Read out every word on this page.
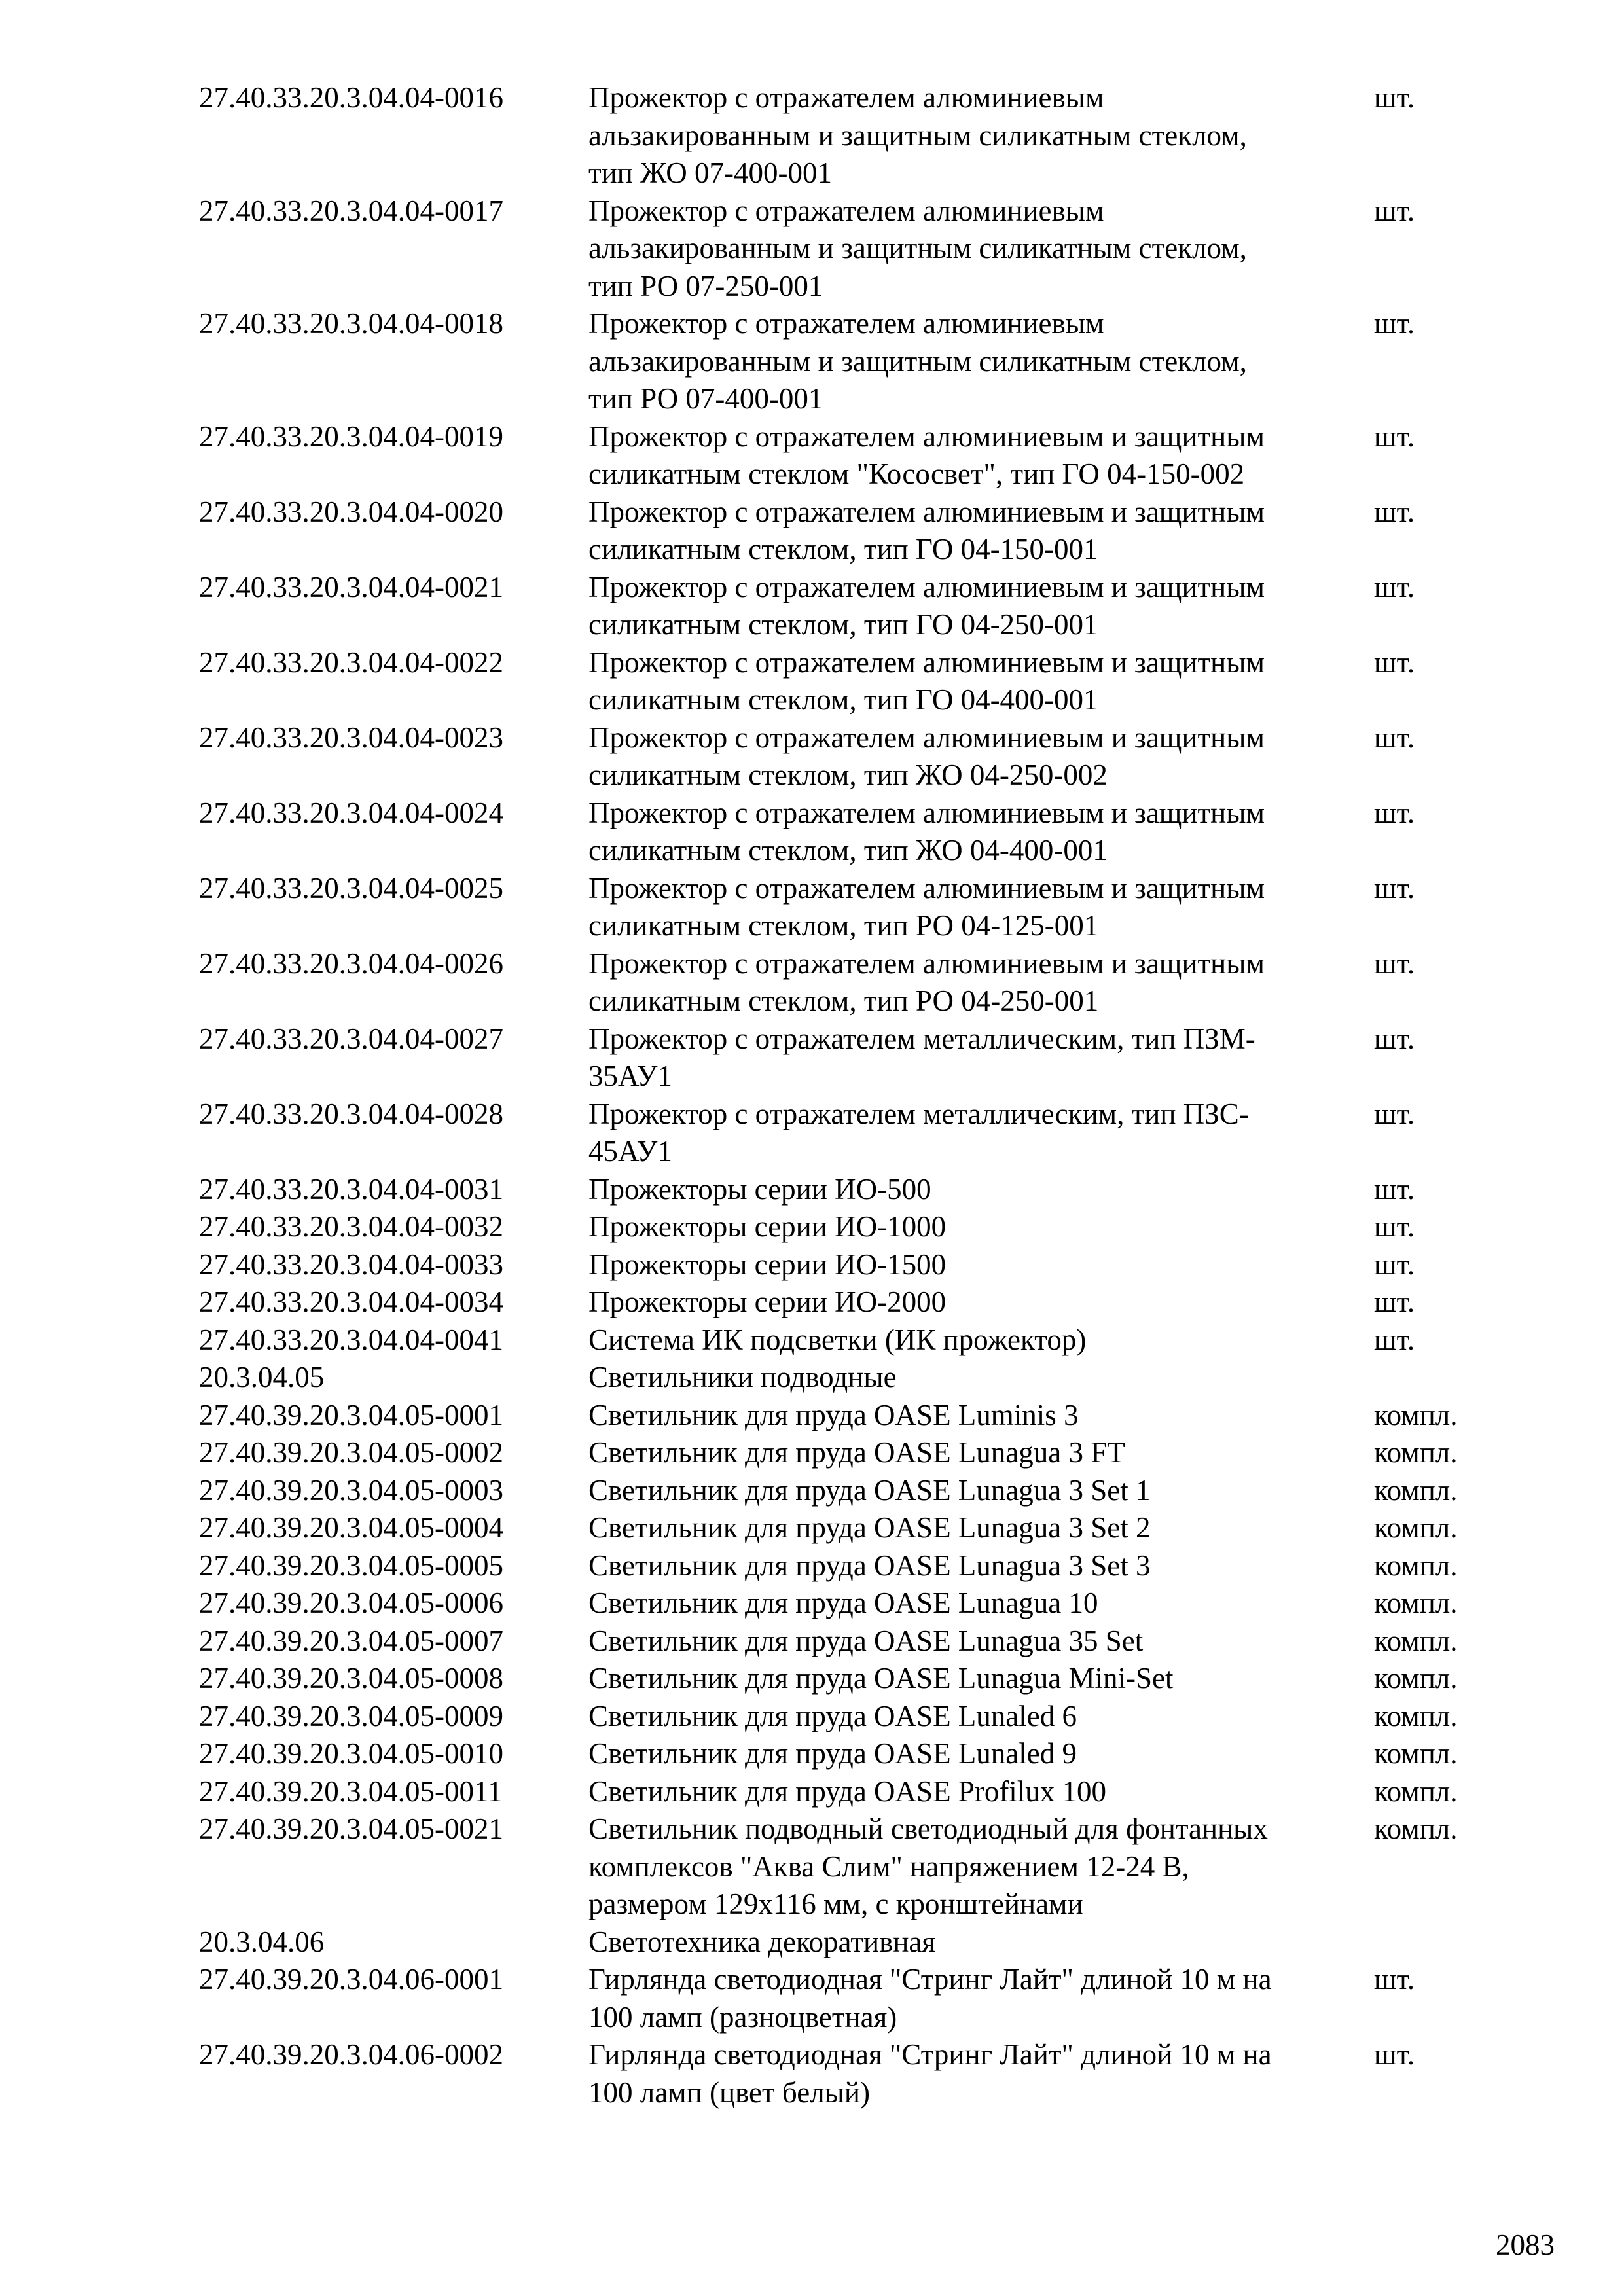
27.40.33.20.3.04.04-0016	Прожектор с отражателем алюминиевым
альзакированным и защитным силикатным стеклом,
тип ЖО 07-400-001
шт.
27.40.33.20.3.04.04-0017	Прожектор с отражателем алюминиевым
альзакированным и защитным силикатным стеклом,
тип РО 07-250-001
шт.
27.40.33.20.3.04.04-0018	Прожектор с отражателем алюминиевым
альзакированным и защитным силикатным стеклом,
тип РО 07-400-001
шт.
27.40.33.20.3.04.04-0019	Прожектор с отражателем алюминиевым и защитным
силикатным стеклом "Кососвет", тип ГО 04-150-002
шт.
27.40.33.20.3.04.04-0020	Прожектор с отражателем алюминиевым и защитным
силикатным стеклом, тип ГО 04-150-001
шт.
27.40.33.20.3.04.04-0021	Прожектор с отражателем алюминиевым и защитным
силикатным стеклом, тип ГО 04-250-001
шт.
27.40.33.20.3.04.04-0022	Прожектор с отражателем алюминиевым и защитным
силикатным стеклом, тип ГО 04-400-001
шт.
27.40.33.20.3.04.04-0023	Прожектор с отражателем алюминиевым и защитным
силикатным стеклом, тип ЖО 04-250-002
шт.
27.40.33.20.3.04.04-0024	Прожектор с отражателем алюминиевым и защитным
силикатным стеклом, тип ЖО 04-400-001
шт.
27.40.33.20.3.04.04-0025	Прожектор с отражателем алюминиевым и защитным
силикатным стеклом, тип РО 04-125-001
шт.
27.40.33.20.3.04.04-0026	Прожектор с отражателем алюминиевым и защитным
силикатным стеклом, тип РО 04-250-001
шт.
27.40.33.20.3.04.04-0027	Прожектор с отражателем металлическим, тип ПЗМ-
35АУ1
шт.
27.40.33.20.3.04.04-0028	Прожектор с отражателем металлическим, тип ПЗС-
45АУ1
шт.
27.40.33.20.3.04.04-0031	Прожекторы серии ИО-500	шт.
27.40.33.20.3.04.04-0032	Прожекторы серии ИО-1000	шт.
27.40.33.20.3.04.04-0033	Прожекторы серии ИО-1500	шт.
27.40.33.20.3.04.04-0034	Прожекторы серии ИО-2000	шт.
27.40.33.20.3.04.04-0041	Система ИК подсветки (ИК прожектор)	шт.
20.3.04.05	Светильники подводные
27.40.39.20.3.04.05-0001	Светильник для пруда OASE Luminis 3	компл.
27.40.39.20.3.04.05-0002	Светильник для пруда OASE Lunagua 3 FT	компл.
27.40.39.20.3.04.05-0003	Светильник для пруда OASE Lunagua 3 Set 1	компл.
27.40.39.20.3.04.05-0004	Светильник для пруда OASE Lunagua 3 Set 2	компл.
27.40.39.20.3.04.05-0005	Светильник для пруда OASE Lunagua 3 Set 3	компл.
27.40.39.20.3.04.05-0006	Светильник для пруда OASE Lunagua 10	компл.
27.40.39.20.3.04.05-0007	Светильник для пруда OASE Lunagua 35 Set	компл.
27.40.39.20.3.04.05-0008	Светильник для пруда OASE Lunagua Mini-Set	компл.
27.40.39.20.3.04.05-0009	Светильник для пруда OASE Lunaled 6	компл.
27.40.39.20.3.04.05-0010	Светильник для пруда OASE Lunaled 9	компл.
27.40.39.20.3.04.05-0011	Светильник для пруда OASE Profilux 100	компл.
27.40.39.20.3.04.05-0021	Светильник подводный светодиодный для фонтанных
комплексов "Аква Слим" напряжением 12-24 В,
размером 129х116 мм, с кронштейнами
компл.
20.3.04.06	Светотехника декоративная
27.40.39.20.3.04.06-0001	Гирлянда светодиодная "Стринг Лайт" длиной 10 м на
100 ламп (разноцветная)
шт.
27.40.39.20.3.04.06-0002	Гирлянда светодиодная "Стринг Лайт" длиной 10 м на
100 ламп (цвет белый)
шт.
2083
